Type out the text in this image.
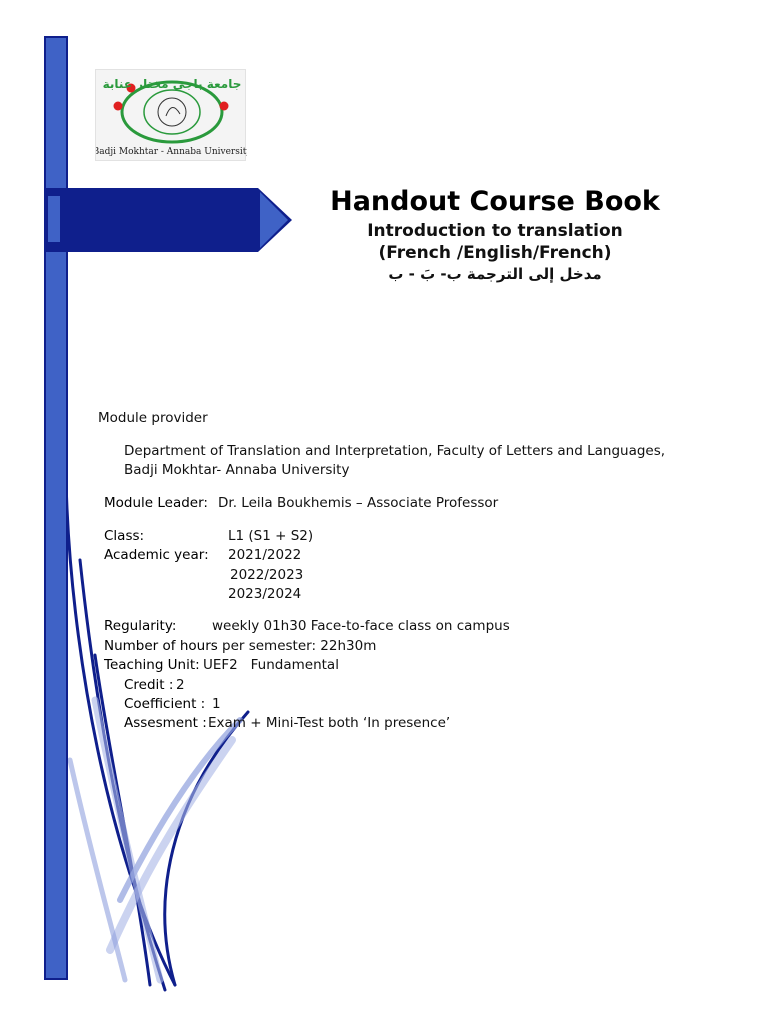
جامعة باجي مختار عنابة
Badji Mokhtar - Annaba University
Handout Course Book
Introduction to translation
(French /English/French)
مدخل إلى الترجمة ب- بَ - ب
Module provider
Department of Translation and Interpretation, Faculty of Letters and Languages,
Badji Mokhtar- Annaba University
Module Leader: Dr. Leila Boukhemis – Associate Professor
Class:	L1 (S1 + S2)
Academic year: 2021/2022
2022/2023
2023/2024
Regularity:	weekly 01h30 Face-to-face class on campus
Number of hours per semester: 22h30m
Teaching Unit: UEF2   Fundamental
Credit : 2
Coefficient : 1
Assesment : Exam + Mini-Test both ‘In presence’
